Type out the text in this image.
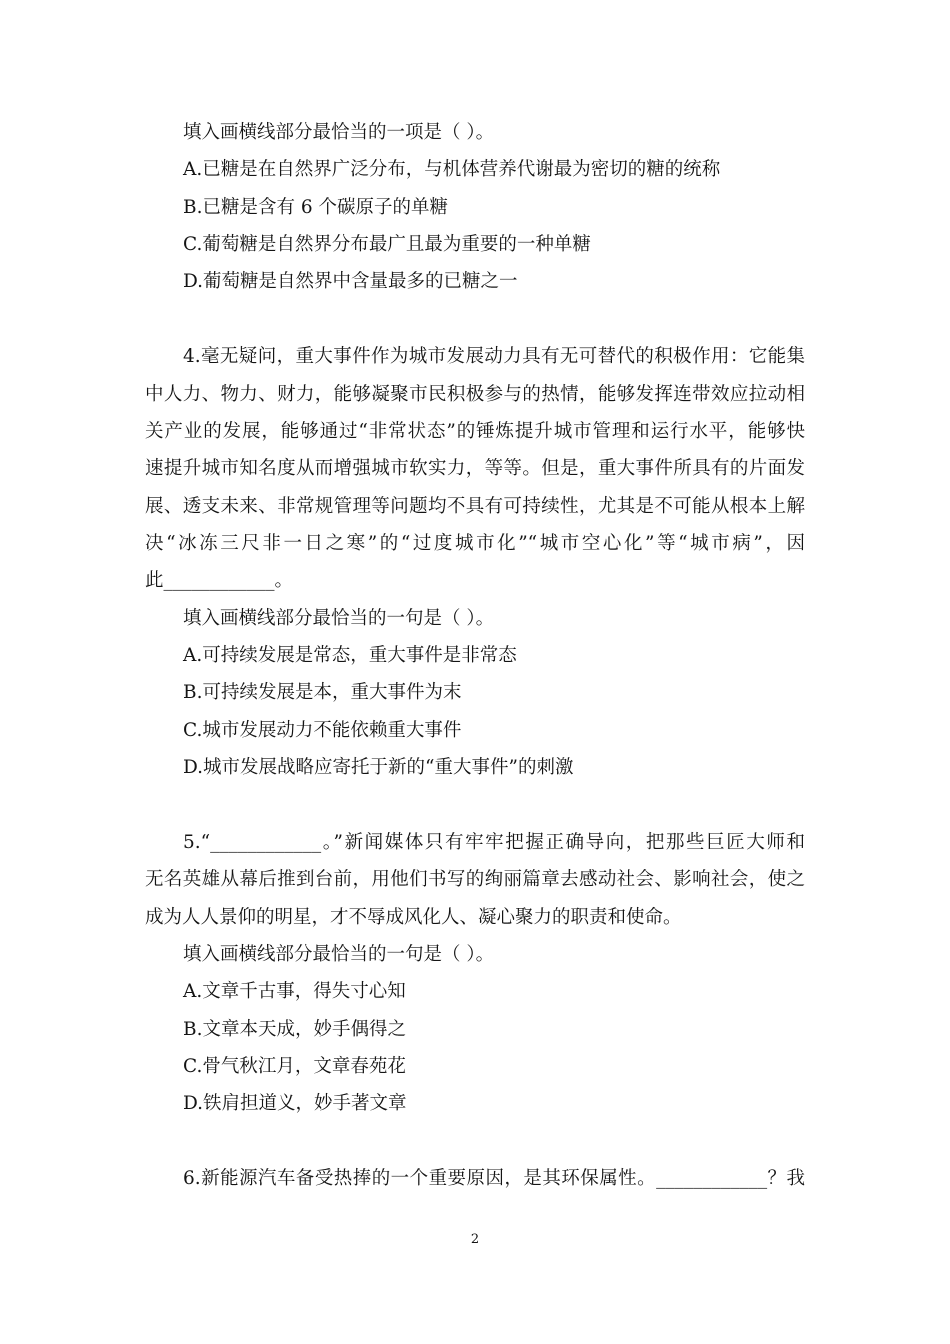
填入画横线部分最恰当的一项是（ ）。
A.已糖是在自然界广泛分布，与机体营养代谢最为密切的糖的统称
B.已糖是含有 6 个碳原子的单糖
C.葡萄糖是自然界分布最广且最为重要的一种单糖
D.葡萄糖是自然界中含量最多的已糖之一
4.毫无疑问，重大事件作为城市发展动力具有无可替代的积极作用：它能集
中人力、物力、财力，能够凝聚市民积极参与的热情，能够发挥连带效应拉动相
关产业的发展，能够通过“非常状态”的锤炼提升城市管理和运行水平，能够快
速提升城市知名度从而增强城市软实力，等等。但是，重大事件所具有的片面发
展、透支未来、非常规管理等问题均不具有可持续性，尤其是不可能从根本上解
决“冰冻三尺非一日之寒”的“过度城市化”“城市空心化”等“城市病”，因
此____________。
填入画横线部分最恰当的一句是（ ）。
A.可持续发展是常态，重大事件是非常态
B.可持续发展是本，重大事件为末
C.城市发展动力不能依赖重大事件
D.城市发展战略应寄托于新的“重大事件”的刺激
5.“____________。”新闻媒体只有牢牢把握正确导向，把那些巨匠大师和
无名英雄从幕后推到台前，用他们书写的绚丽篇章去感动社会、影响社会，使之
成为人人景仰的明星，才不辱成风化人、凝心聚力的职责和使命。
填入画横线部分最恰当的一句是（ ）。
A.文章千古事，得失寸心知
B.文章本天成，妙手偶得之
C.骨气秋江月，文章春苑花
D.铁肩担道义，妙手著文章
6.新能源汽车备受热捧的一个重要原因，是其环保属性。____________？我
2
